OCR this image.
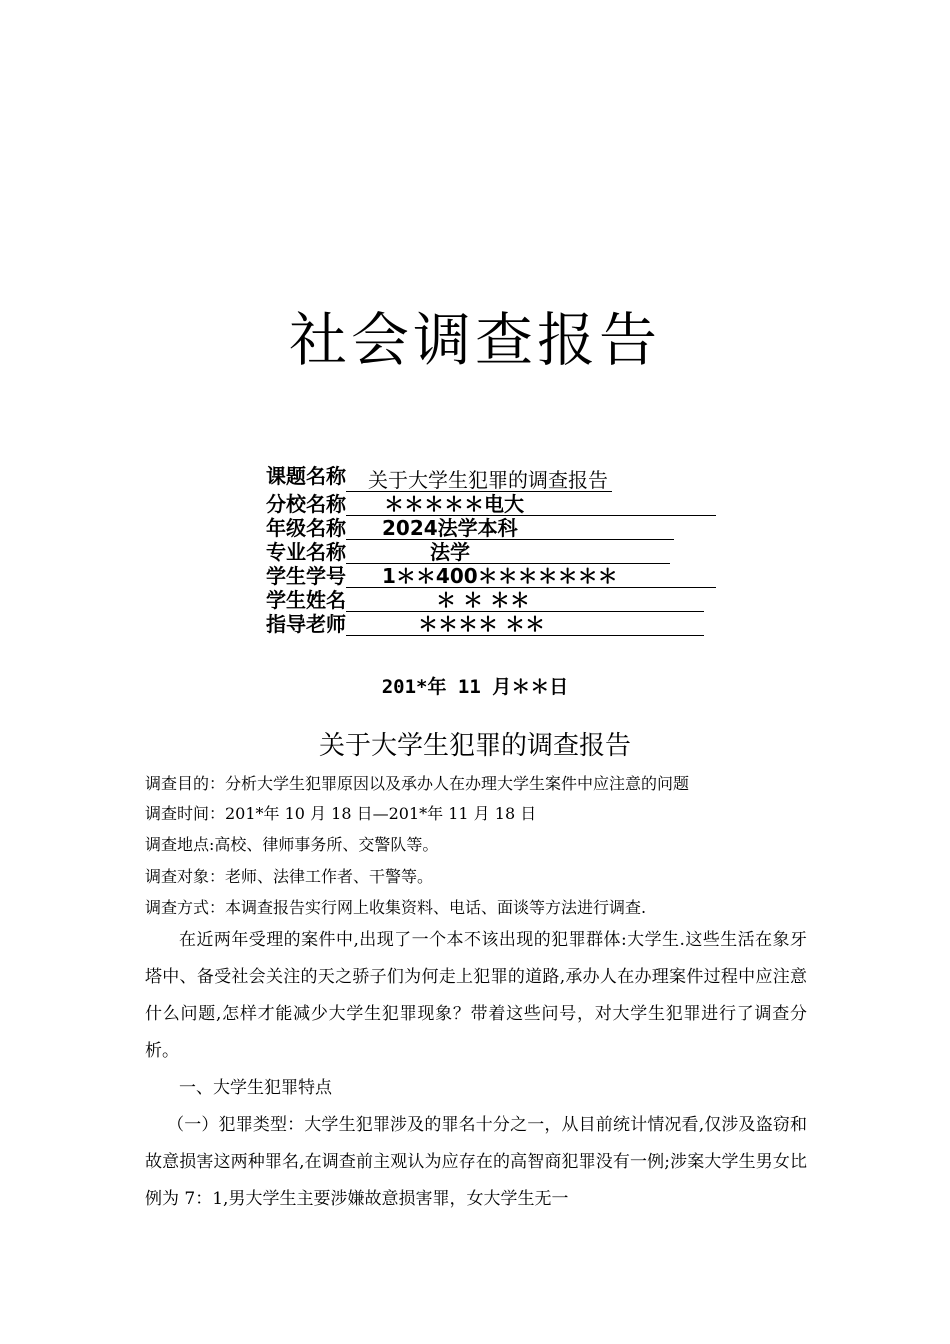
社会调查报告
课题名称	关于大学生犯罪的调查报告
分校名称	＊＊＊＊＊电大
年级名称	2024法学本科
专业名称	法学
学生学号	1＊＊400＊＊＊＊＊＊＊
学生姓名	＊ ＊ ＊＊
指导老师	＊＊＊＊ ＊＊
201*年 11 月＊＊日
关于大学生犯罪的调查报告
调查目的：分析大学生犯罪原因以及承办人在办理大学生案件中应注意的问题
调查时间：201*年 10 月 18 日—201*年 11 月 18 日
调查地点:高校、律师事务所、交警队等。
调查对象：老师、法律工作者、干警等。
调查方式：本调查报告实行网上收集资料、电话、面谈等方法进行调查.

在近两年受理的案件中,出现了一个本不该出现的犯罪群体:大学生.这些生活在象牙塔中、备受社会关注的天之骄子们为何走上犯罪的道路,承办人在办理案件过程中应注意什么问题,怎样才能减少大学生犯罪现象？带着这些问号，对大学生犯罪进行了调查分析。

一、大学生犯罪特点

（一）犯罪类型：大学生犯罪涉及的罪名十分之一，从目前统计情况看,仅涉及盗窃和故意损害这两种罪名,在调查前主观认为应存在的高智商犯罪没有一例;涉案大学生男女比例为 7：1,男大学生主要涉嫌故意损害罪，女大学生无一
